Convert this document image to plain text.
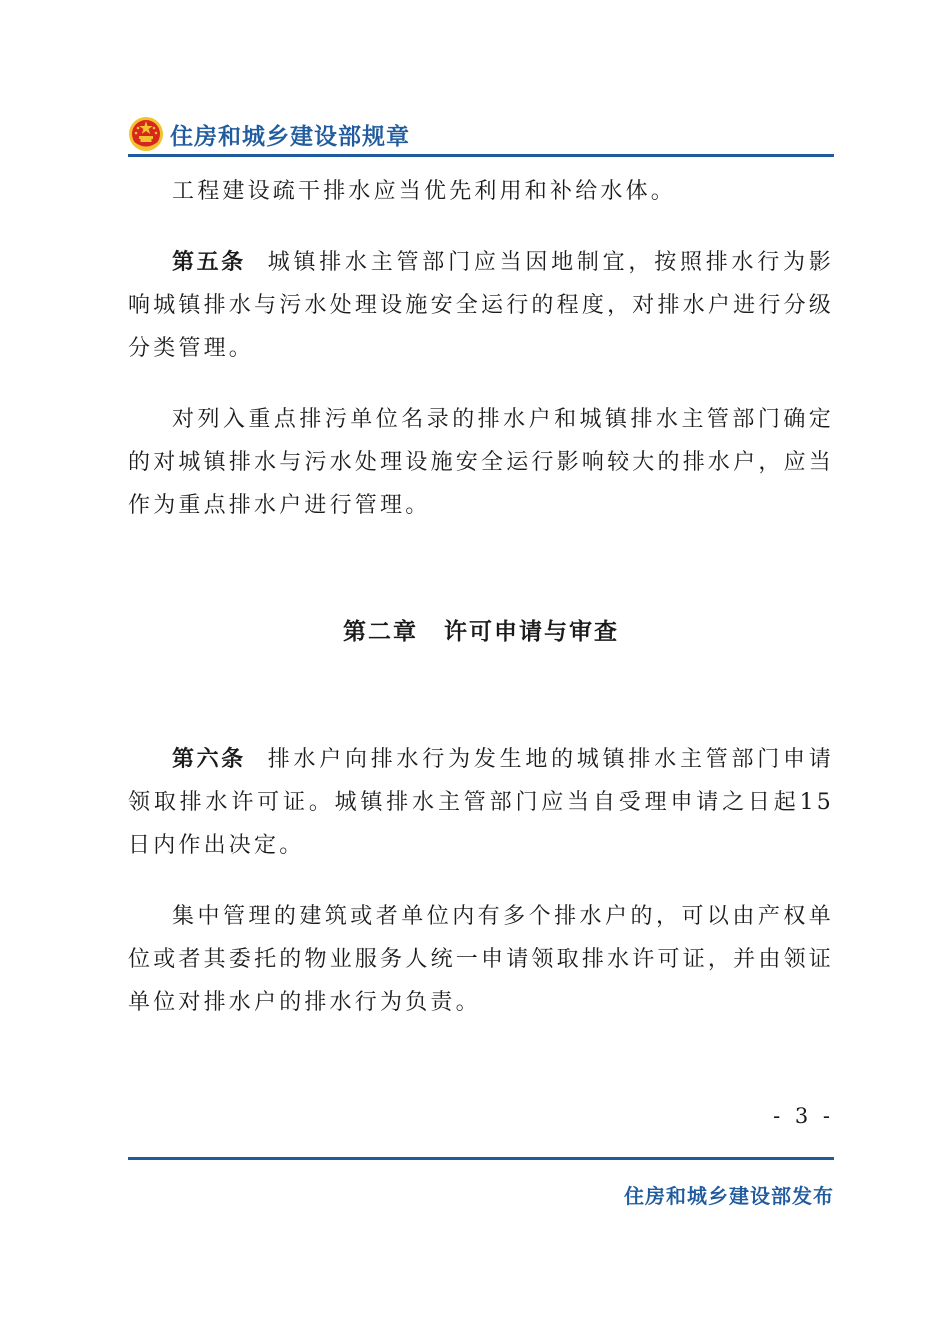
住房和城乡建设部规章

工程建设疏干排水应当优先利用和补给水体。

第五条 城镇排水主管部门应当因地制宜，按照排水行为影响城镇排水与污水处理设施安全运行的程度，对排水户进行分级分类管理。

对列入重点排污单位名录的排水户和城镇排水主管部门确定的对城镇排水与污水处理设施安全运行影响较大的排水户，应当作为重点排水户进行管理。

第二章 许可申请与审查

第六条 排水户向排水行为发生地的城镇排水主管部门申请领取排水许可证。城镇排水主管部门应当自受理申请之日起15日内作出决定。

集中管理的建筑或者单位内有多个排水户的，可以由产权单位或者其委托的物业服务人统一申请领取排水许可证，并由领证单位对排水户的排水行为负责。

- 3 -
住房和城乡建设部发布
